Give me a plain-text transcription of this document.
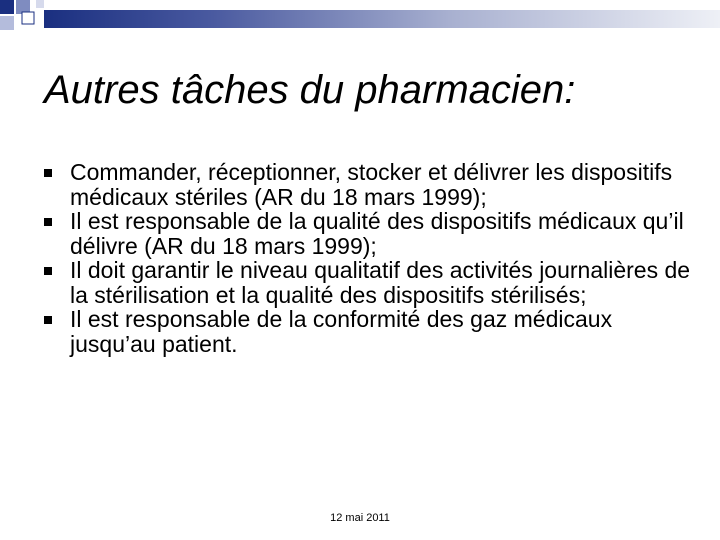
Autres tâches du pharmacien:
Commander, réceptionner, stocker et délivrer les dispositifs médicaux stériles (AR du 18 mars 1999);
Il est responsable de la qualité des dispositifs médicaux qu’il délivre (AR du 18 mars 1999);
Il doit garantir le niveau qualitatif des activités journalières de la stérilisation et la qualité des dispositifs stérilisés;
Il est responsable de la conformité des gaz médicaux jusqu’au patient.
12 mai 2011
